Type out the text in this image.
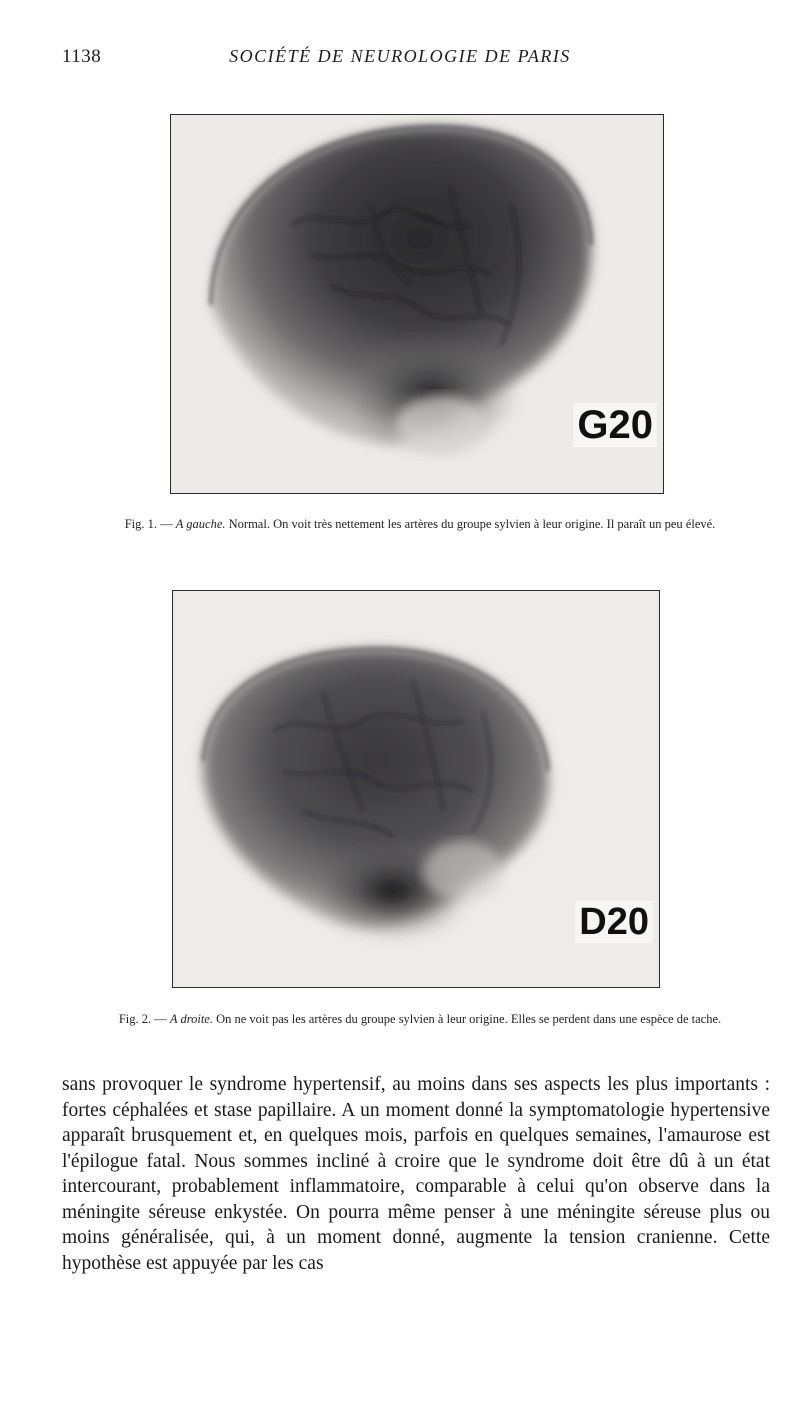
1138	SOCIÉTÉ DE NEUROLOGIE DE PARIS
G20
Fig. 1. — A gauche. Normal. On voit très nettement les artères du groupe sylvien à leur origine. Il paraît un peu élevé.
D20
Fig. 2. — A droite. On ne voit pas les artères du groupe sylvien à leur origine. Elles se perdent dans une espèce de tache.

sans provoquer le syndrome hypertensif, au moins dans ses aspects les plus importants : fortes céphalées et stase papillaire. A un moment donné la symptomatologie hypertensive apparaît brusquement et, en quelques mois, parfois en quelques semaines, l'amaurose est l'épilogue fatal. Nous sommes incliné à croire que le syndrome doit être dû à un état intercourant, probablement inflammatoire, comparable à celui qu'on observe dans la méningite séreuse enkystée. On pourra même penser à une méningite séreuse plus ou moins généralisée, qui, à un moment donné, augmente la tension cranienne. Cette hypothèse est appuyée par les cas
